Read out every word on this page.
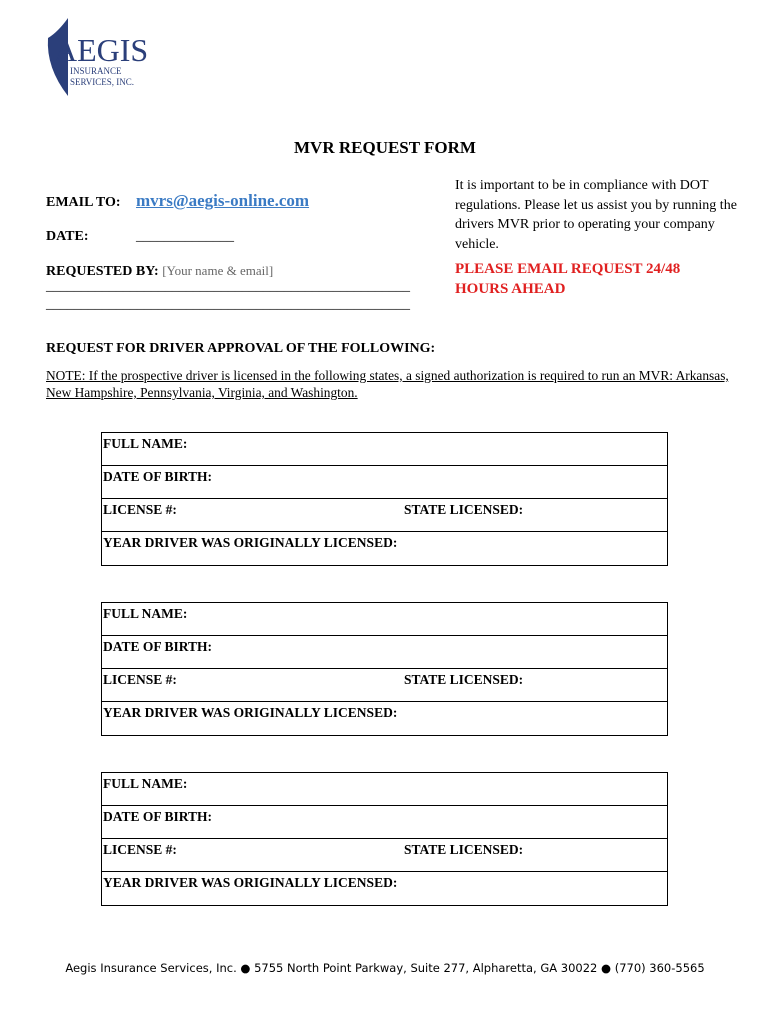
AEGIS
INSURANCE
SERVICES, INC.
MVR REQUEST FORM
EMAIL TO: mvrs@aegis-online.com
DATE:	______________
REQUESTED BY: [Your name & email]
____________________________________________________
____________________________________________________
It is important to be in compliance with DOT regulations. Please let us assist you by running the drivers MVR prior to operating your company vehicle.
PLEASE EMAIL REQUEST 24/48 HOURS AHEAD
REQUEST FOR DRIVER APPROVAL OF THE FOLLOWING:
NOTE: If the prospective driver is licensed in the following states, a signed authorization is required to run an MVR: Arkansas, New Hampshire, Pennsylvania, Virginia, and Washington.
FULL NAME:
DATE OF BIRTH:
LICENSE #:	STATE LICENSED:

YEAR DRIVER WAS ORIGINALLY LICENSED:
FULL NAME:
DATE OF BIRTH:
LICENSE #:	STATE LICENSED:

YEAR DRIVER WAS ORIGINALLY LICENSED:
FULL NAME:
DATE OF BIRTH:
LICENSE #:	STATE LICENSED:

YEAR DRIVER WAS ORIGINALLY LICENSED:
Aegis Insurance Services, Inc. ● 5755 North Point Parkway, Suite 277, Alpharetta, GA 30022 ● (770) 360-5565
